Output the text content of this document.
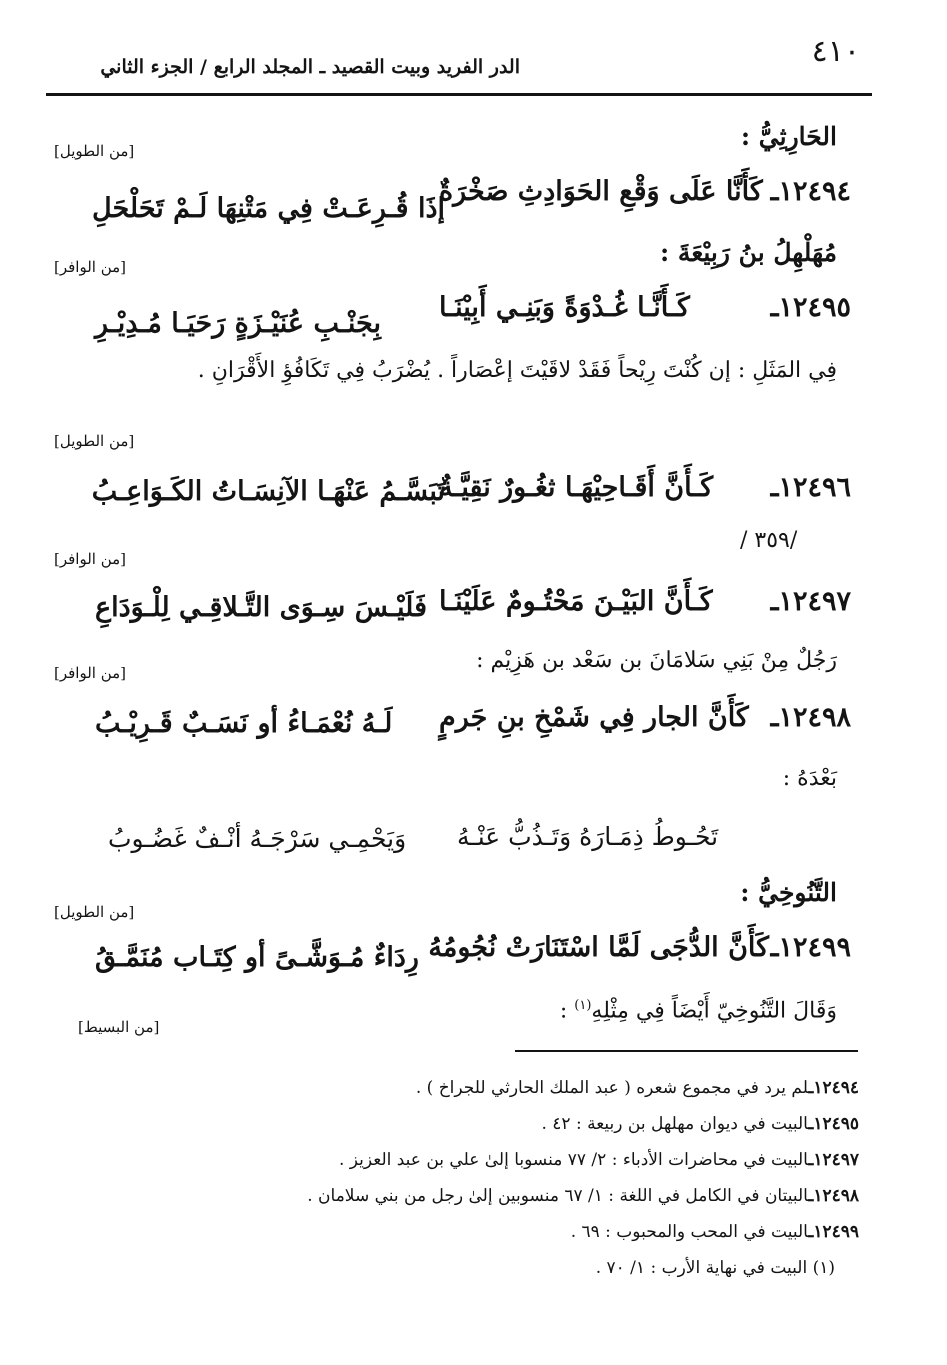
٤١٠
الدر الفريد وبيت القصيد ـ المجلد الرابع / الجزء الثاني
الحَارِثِيُّ :
[من الطويل]
١٢٤٩٤ـ
كَأَنَّا عَلَى وَقْعِ الحَوَادِثِ صَخْرَةٌ
إذَا قُـرِعَـتْ فِي مَتْنِهَا لَـمْ تَحَلْحَلِ
مُهَلْهِلُ بنُ رَبِيْعَةَ :
[من الوافر]
١٢٤٩٥ـ
كَـأَنَّـا غُـدْوَةً وَبَنِـي أَبِيْنَـا
بِجَنْـبِ عُنَيْـزَةٍ رَحَيَـا مُـدِيْـرِ
فِي المَثَلِ : إن كُنْتَ رِيْحاً فَقَدْ لاقَيْتَ إعْصَاراً . يُضْرَبُ فِي تَكَافُؤِ الأَقْرَانِ .
[من الطويل]
١٢٤٩٦ـ
كَـأَنَّ أَقَـاحِيْهَـا ثغُـورٌ نَقِيَّـةٌ
تَبَسَّـمُ عَنْهَـا الآنِسَـاتُ الكَـوَاعِـبُ
/ ٣٥٩/
[من الوافر]
١٢٤٩٧ـ
كَـأَنَّ البَيْـنَ مَحْتُـومٌ عَلَيْنَـا
فَلَيْـسَ سِـوَى التَّـلاقِـي لِلْـوَدَاعِ
رَجُلٌ مِنْ بَنِي سَلامَانَ بن سَعْد بن هَزِيْم :
[من الوافر]
١٢٤٩٨ـ
كَأَنَّ الجار فِي شَمْخِ بنِ جَرمٍ
لَـهُ نُعْمَـاءُ أو نَسَـبٌ قَـرِيْـبُ
بَعْدَهُ :
تَحُـوطُ ذِمَـارَهُ وَتَـذُبُّ عَنْـهُ
وَيَحْمِـي سَرْجَـهُ أنْـفٌ غَضُـوبُ
التَّنُوخِيُّ :
[من الطويل]
١٢٤٩٩ـ
كَأَنَّ الدُّجَى لَمَّا اسْتَنَارَتْ نُجُومُهُ
رِدَاءٌ مُـوَشَّـىً أو كِتَـاب مُنَمَّـقُ
وَقَالَ التَّنُوخِيّ أَيْضَاً فِي مِثْلِهِ$^{(١)}$ :
[من البسيط]
١٢٤٩٤ـلم يرد في مجموع شعره ( عبد الملك الحارثي للجراخ ) .
١٢٤٩٥ـالبيت في ديوان مهلهل بن ربيعة : ٤٢ .
١٢٤٩٧ـالبيت في محاضرات الأدباء : ٢/ ٧٧ منسوبا إلىٰ علي بن عبد العزيز .
١٢٤٩٨ـالبيتان في الكامل في اللغة : ١/ ٦٧ منسوبين إلىٰ رجل من بني سلامان .
١٢٤٩٩ـالبيت في المحب والمحبوب : ٦٩ .
(١) البيت في نهاية الأرب : ١/ ٧٠ .
